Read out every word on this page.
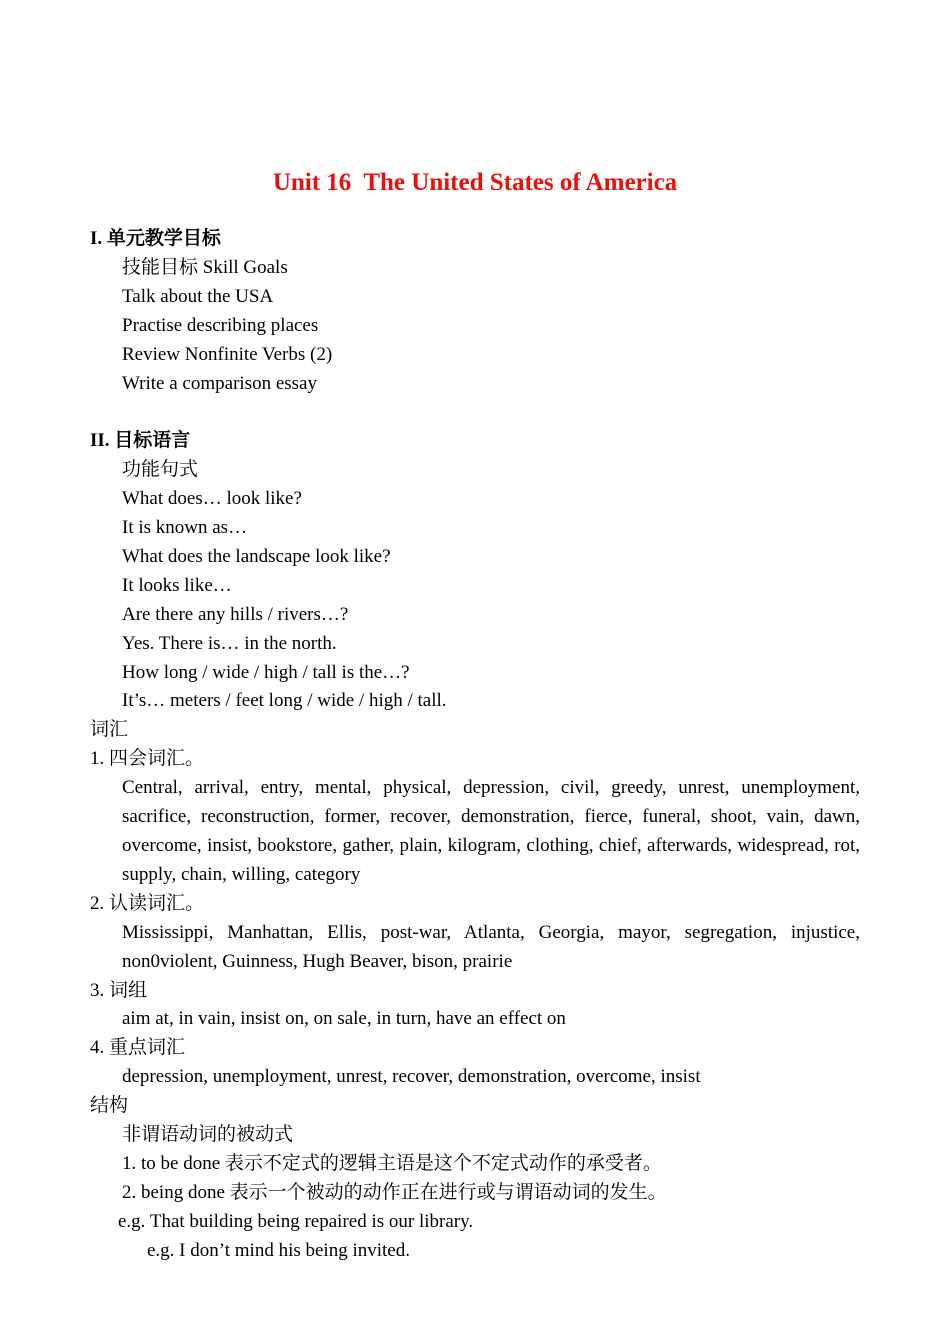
Unit 16  The United States of America

I. 单元教学目标

技能目标 Skill Goals

Talk about the USA

Practise describing places

Review Nonfinite Verbs (2)

Write a comparison essay

II. 目标语言

功能句式

What does… look like?

It is known as…

What does the landscape look like?

It looks like…

Are there any hills / rivers…?

Yes. There is… in the north.

How long / wide / high / tall is the…?

It’s… meters / feet long / wide / high / tall.

词汇

1. 四会词汇。

Central, arrival, entry, mental, physical, depression, civil, greedy, unrest, unemployment, sacrifice, reconstruction, former, recover, demonstration, fierce, funeral, shoot, vain, dawn, overcome, insist, bookstore, gather, plain, kilogram, clothing, chief, afterwards, widespread, rot, supply, chain, willing, category

2. 认读词汇。

Mississippi, Manhattan, Ellis, post-war, Atlanta, Georgia, mayor, segregation, injustice, non0violent, Guinness, Hugh Beaver, bison, prairie

3. 词组

aim at, in vain, insist on, on sale, in turn, have an effect on

4. 重点词汇

depression, unemployment, unrest, recover, demonstration, overcome, insist

结构

非谓语动词的被动式

1. to be done 表示不定式的逻辑主语是这个不定式动作的承受者。

2. being done 表示一个被动的动作正在进行或与谓语动词的发生。

e.g. That building being repaired is our library.

e.g. I don’t mind his being invited.
